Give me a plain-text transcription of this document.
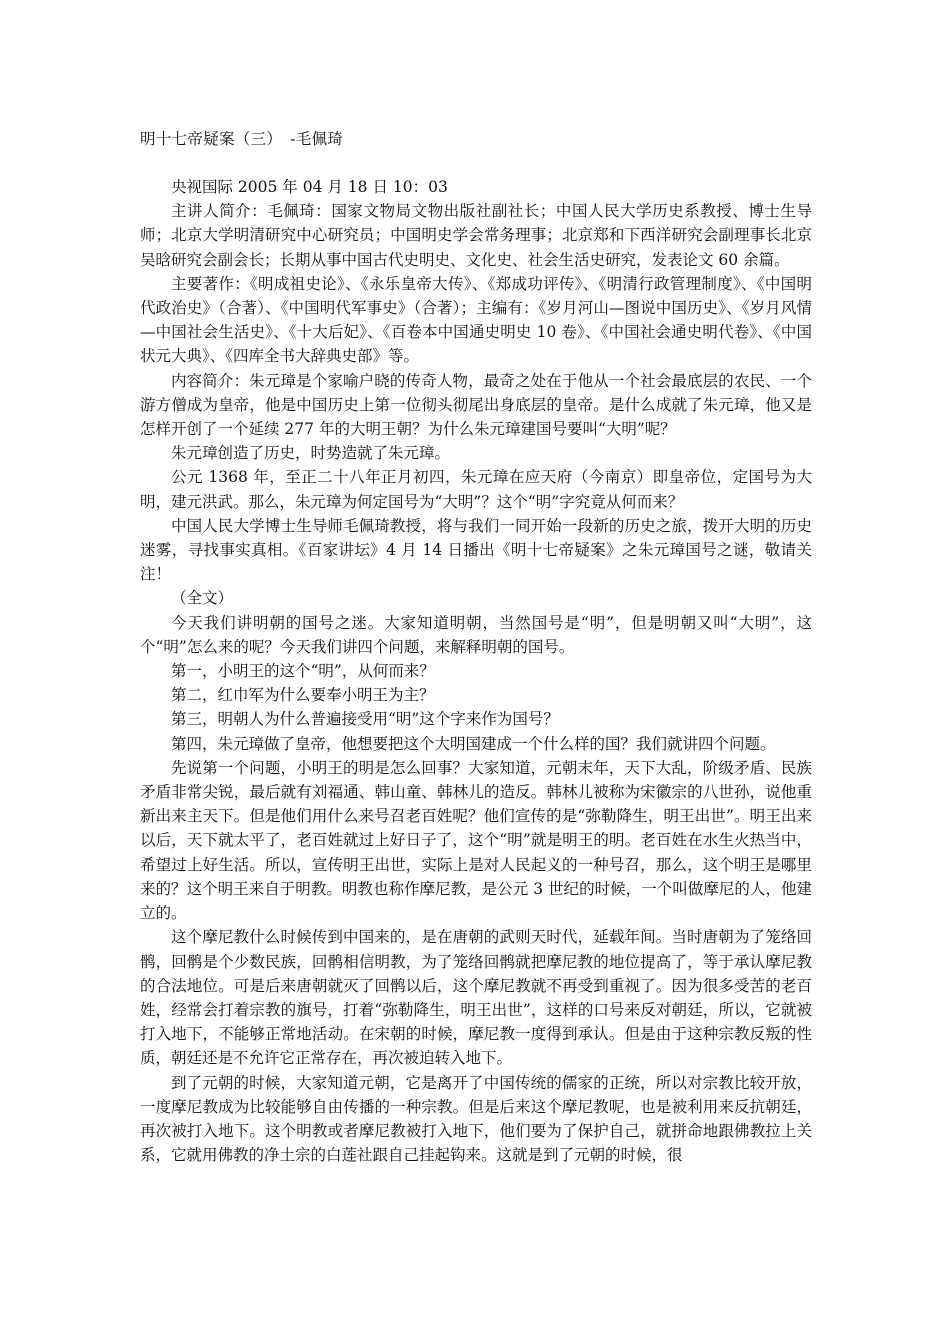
明十七帝疑案（三）　-毛佩琦

央视国际 2005 年 04 月 18 日 10：03

主讲人简介：毛佩琦：国家文物局文物出版社副社长；中国人民大学历史系教授、博士生导师；北京大学明清研究中心研究员；中国明史学会常务理事；北京郑和下西洋研究会副理事长北京吴晗研究会副会长；长期从事中国古代史明史、文化史、社会生活史研究，发表论文 60 余篇。

主要著作：《明成祖史论》、《永乐皇帝大传》、《郑成功评传》、《明清行政管理制度》、《中国明代政治史》（合著）、《中国明代军事史》（合著）；主编有：《岁月河山—图说中国历史》、《岁月风情—中国社会生活史》、《十大后妃》、《百卷本中国通史明史 10 卷》、《中国社会通史明代卷》、《中国状元大典》、《四库全书大辞典史部》等。

内容简介：朱元璋是个家喻户晓的传奇人物，最奇之处在于他从一个社会最底层的农民、一个游方僧成为皇帝，他是中国历史上第一位彻头彻尾出身底层的皇帝。是什么成就了朱元璋，他又是怎样开创了一个延续 277 年的大明王朝？为什么朱元璋建国号要叫“大明”呢？

朱元璋创造了历史，时势造就了朱元璋。

公元 1368 年，至正二十八年正月初四，朱元璋在应天府（今南京）即皇帝位，定国号为大明，建元洪武。那么，朱元璋为何定国号为“大明”？这个“明”字究竟从何而来？

中国人民大学博士生导师毛佩琦教授，将与我们一同开始一段新的历史之旅，拨开大明的历史迷雾，寻找事实真相。《百家讲坛》4 月 14 日播出《明十七帝疑案》之朱元璋国号之谜，敬请关注！

（全文）

今天我们讲明朝的国号之迷。大家知道明朝，当然国号是“明”，但是明朝又叫“大明”，这个“明”怎么来的呢？今天我们讲四个问题，来解释明朝的国号。

第一，小明王的这个“明”，从何而来？

第二，红巾军为什么要奉小明王为主？

第三，明朝人为什么普遍接受用“明”这个字来作为国号？

第四，朱元璋做了皇帝，他想要把这个大明国建成一个什么样的国？我们就讲四个问题。

先说第一个问题，小明王的明是怎么回事？大家知道，元朝末年，天下大乱，阶级矛盾、民族矛盾非常尖锐，最后就有刘福通、韩山童、韩林儿的造反。韩林儿被称为宋徽宗的八世孙，说他重新出来主天下。但是他们用什么来号召老百姓呢？他们宣传的是“弥勒降生，明王出世”。明王出来以后，天下就太平了，老百姓就过上好日子了，这个“明”就是明王的明。老百姓在水生火热当中，希望过上好生活。所以，宣传明王出世，实际上是对人民起义的一种号召，那么，这个明王是哪里来的？这个明王来自于明教。明教也称作摩尼教，是公元 3 世纪的时候，一个叫做摩尼的人，他建立的。

这个摩尼教什么时候传到中国来的，是在唐朝的武则天时代，延载年间。当时唐朝为了笼络回鹘，回鹘是个少数民族，回鹘相信明教，为了笼络回鹘就把摩尼教的地位提高了，等于承认摩尼教的合法地位。可是后来唐朝就灭了回鹘以后，这个摩尼教就不再受到重视了。因为很多受苦的老百姓，经常会打着宗教的旗号，打着“弥勒降生，明王出世”，这样的口号来反对朝廷，所以，它就被打入地下，不能够正常地活动。在宋朝的时候，摩尼教一度得到承认。但是由于这种宗教反叛的性质，朝廷还是不允许它正常存在，再次被迫转入地下。

到了元朝的时候，大家知道元朝，它是离开了中国传统的儒家的正统，所以对宗教比较开放，一度摩尼教成为比较能够自由传播的一种宗教。但是后来这个摩尼教呢，也是被利用来反抗朝廷，再次被打入地下。这个明教或者摩尼教被打入地下，他们要为了保护自己，就拼命地跟佛教拉上关系，它就用佛教的净土宗的白莲社跟自己挂起钩来。这就是到了元朝的时候，很
